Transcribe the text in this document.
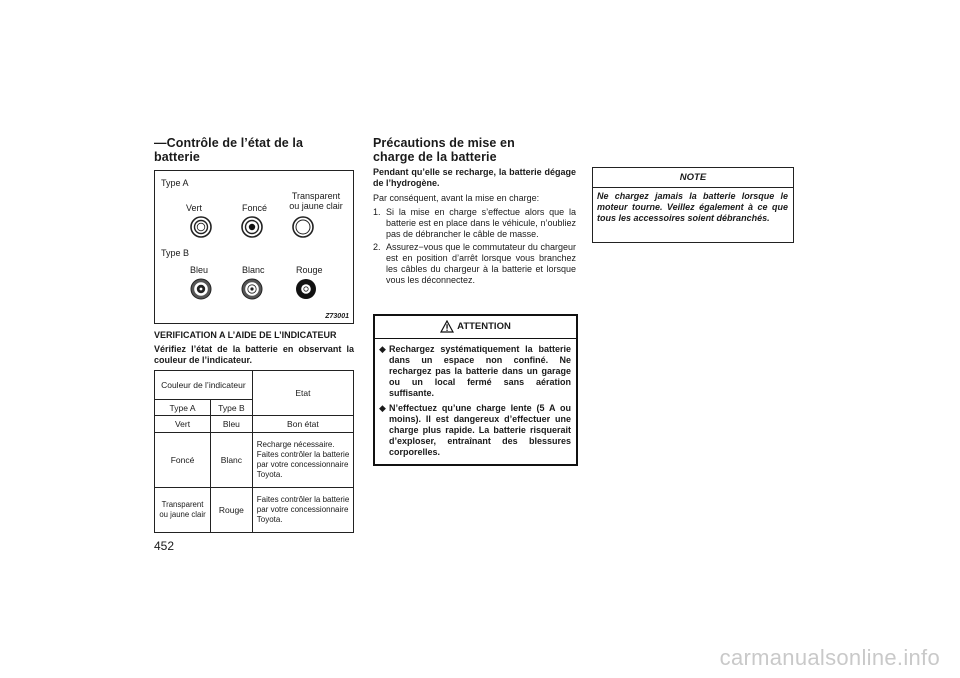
—Contrôle de l’état de la
batterie
Type A
Vert	Foncé
Transparent
ou jaune clair
Type B
Bleu	Blanc	Rouge
Z73001
VERIFICATION A L’AIDE DE L’INDICATEUR
Vérifiez l’état de la batterie en observant la couleur de l’indicateur.
Couleur de l’indicateur		Etat
Type A	Type B	
Vert	Bleu	Bon état
Foncé	Blanc	Recharge nécessaire. Faites contrôler la batterie par votre concessionnaire Toyota.
Transparent ou jaune clair	Rouge	Faites contrôler la batterie par votre concessionnaire Toyota.
452
Précautions de mise en
charge de la batterie
Pendant qu’elle se recharge, la batterie dégage de l’hydrogène.
Par conséquent, avant la mise en charge:
1. Si la mise en charge s’effectue alors que la batterie est en place dans le véhicule, n’oubliez pas de débrancher le câble de masse.
2. Assurez−vous que le commutateur du chargeur est en position d’arrêt lorsque vous branchez les câbles du chargeur à la batterie et lorsque vous les déconnectez.
ATTENTION
◆ Rechargez systématiquement la batterie dans un espace non confiné. Ne rechargez pas la batterie dans un garage ou un local fermé sans aération suffisante.
◆ N’effectuez qu’une charge lente (5 A ou moins). Il est dangereux d’effectuer une charge plus rapide. La batterie risquerait d’exploser, entraînant des blessures corporelles.
NOTE
Ne chargez jamais la batterie lorsque le moteur tourne. Veillez également à ce que tous les accessoires soient débranchés.
carmanualsonline.info
